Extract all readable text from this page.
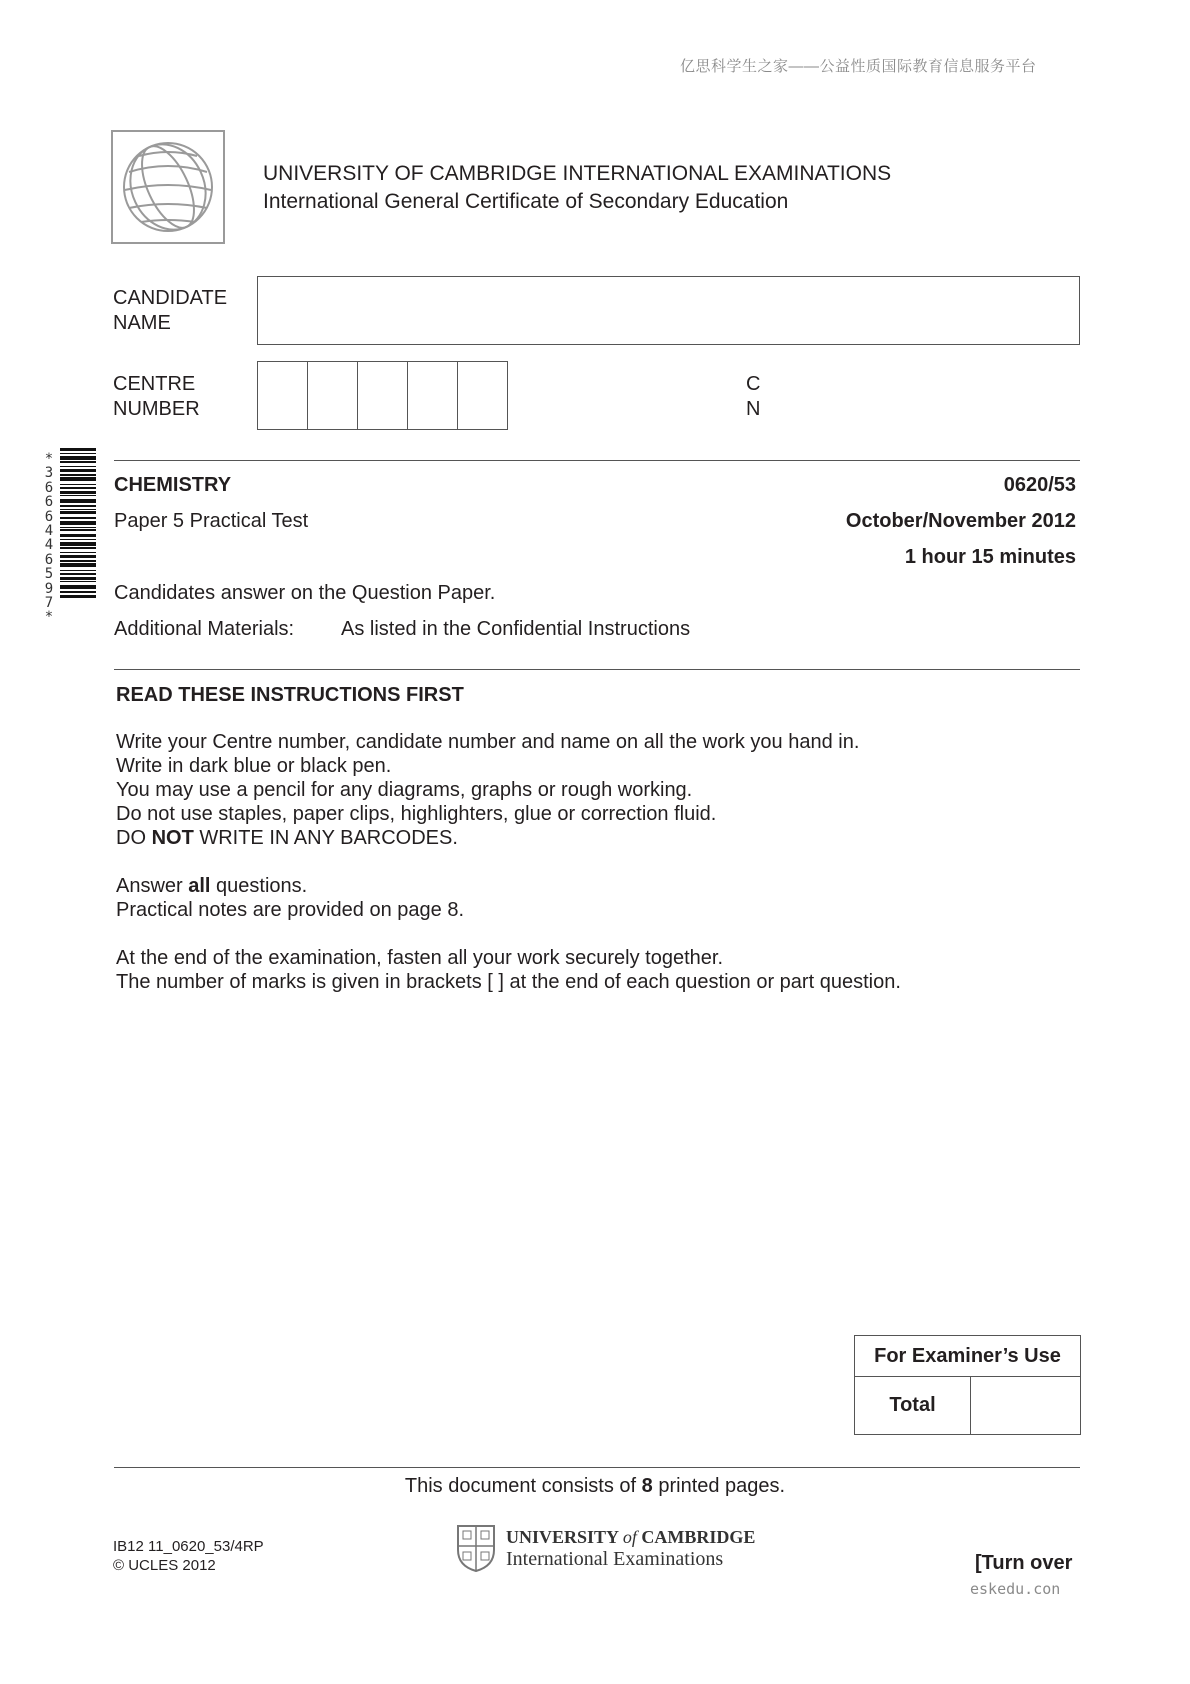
亿思科学生之家——公益性质国际教育信息服务平台
UNIVERSITY OF CAMBRIDGE INTERNATIONAL EXAMINATIONS
International General Certificate of Secondary Education
CANDIDATE
NAME
CENTRE
NUMBER
C
N
*3666446597*
CHEMISTRY	0620/53
Paper 5 Practical Test	October/November 2012
1 hour 15 minutes
Candidates answer on the Question Paper.
Additional Materials: As listed in the Confidential Instructions
READ THESE INSTRUCTIONS FIRST

Write your Centre number, candidate number and name on all the work you hand in.
Write in dark blue or black pen.
You may use a pencil for any diagrams, graphs or rough working.
Do not use staples, paper clips, highlighters, glue or correction fluid.
DO NOT WRITE IN ANY BARCODES.

Answer all questions.
Practical notes are provided on page 8.

At the end of the examination, fasten all your work securely together.
The number of marks is given in brackets [ ] at the end of each question or part question.

For Examiner’s Use
Total	
This document consists of 8 printed pages.
IB12 11_0620_53/4RP
© UCLES 2012
UNIVERSITY of CAMBRIDGE
International Examinations	[Turn over
eskedu.con
